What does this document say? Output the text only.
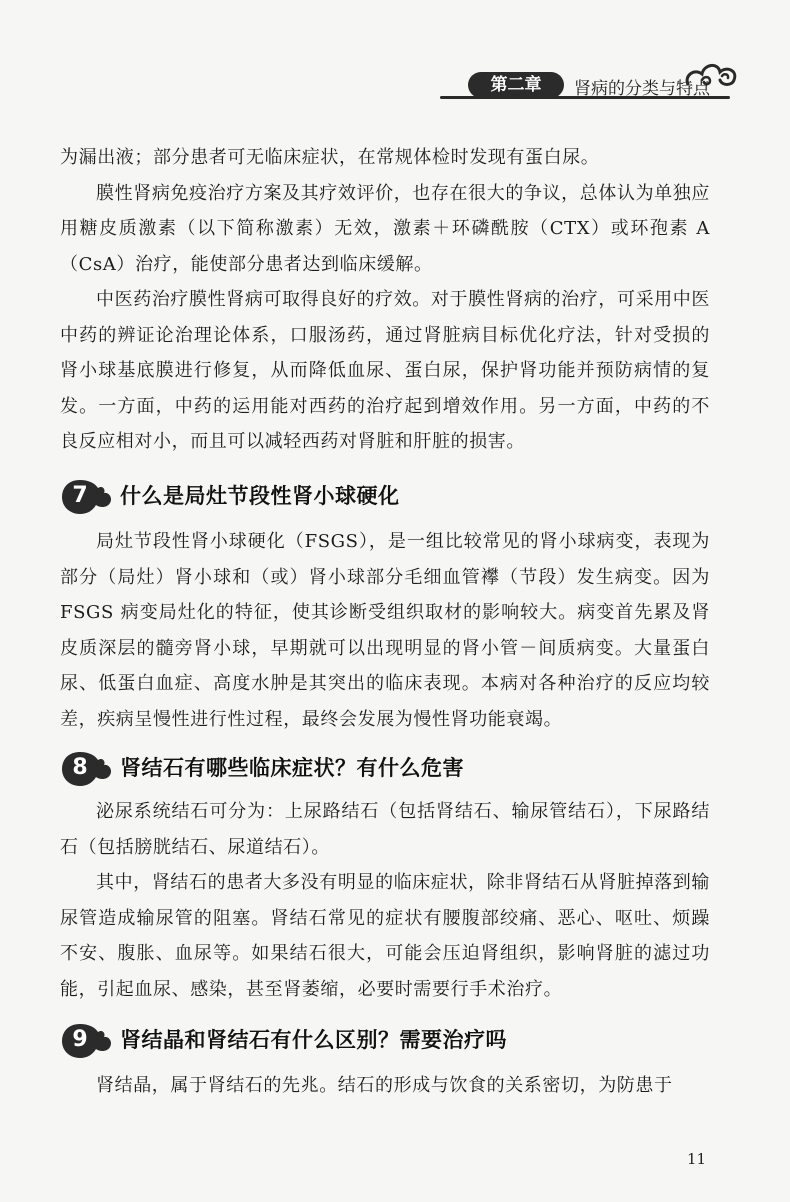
第二章	肾病的分类与特点

为漏出液；部分患者可无临床症状，在常规体检时发现有蛋白尿。

膜性肾病免疫治疗方案及其疗效评价，也存在很大的争议，总体认为单独应用糖皮质激素（以下简称激素）无效，激素＋环磷酰胺（CTX）或环孢素 A（CsA）治疗，能使部分患者达到临床缓解。

中医药治疗膜性肾病可取得良好的疗效。对于膜性肾病的治疗，可采用中医中药的辨证论治理论体系，口服汤药，通过肾脏病目标优化疗法，针对受损的肾小球基底膜进行修复，从而降低血尿、蛋白尿，保护肾功能并预防病情的复发。一方面，中药的运用能对西药的治疗起到增效作用。另一方面，中药的不良反应相对小，而且可以减轻西药对肾脏和肝脏的损害。

7	什么是局灶节段性肾小球硬化

局灶节段性肾小球硬化（FSGS），是一组比较常见的肾小球病变，表现为部分（局灶）肾小球和（或）肾小球部分毛细血管襻（节段）发生病变。因为 FSGS 病变局灶化的特征，使其诊断受组织取材的影响较大。病变首先累及肾皮质深层的髓旁肾小球，早期就可以出现明显的肾小管－间质病变。大量蛋白尿、低蛋白血症、高度水肿是其突出的临床表现。本病对各种治疗的反应均较差，疾病呈慢性进行性过程，最终会发展为慢性肾功能衰竭。

8	肾结石有哪些临床症状？有什么危害

泌尿系统结石可分为：上尿路结石（包括肾结石、输尿管结石），下尿路结石（包括膀胱结石、尿道结石）。

其中，肾结石的患者大多没有明显的临床症状，除非肾结石从肾脏掉落到输尿管造成输尿管的阻塞。肾结石常见的症状有腰腹部绞痛、恶心、呕吐、烦躁不安、腹胀、血尿等。如果结石很大，可能会压迫肾组织，影响肾脏的滤过功能，引起血尿、感染，甚至肾萎缩，必要时需要行手术治疗。

9	肾结晶和肾结石有什么区别？需要治疗吗

肾结晶，属于肾结石的先兆。结石的形成与饮食的关系密切，为防患于

11
